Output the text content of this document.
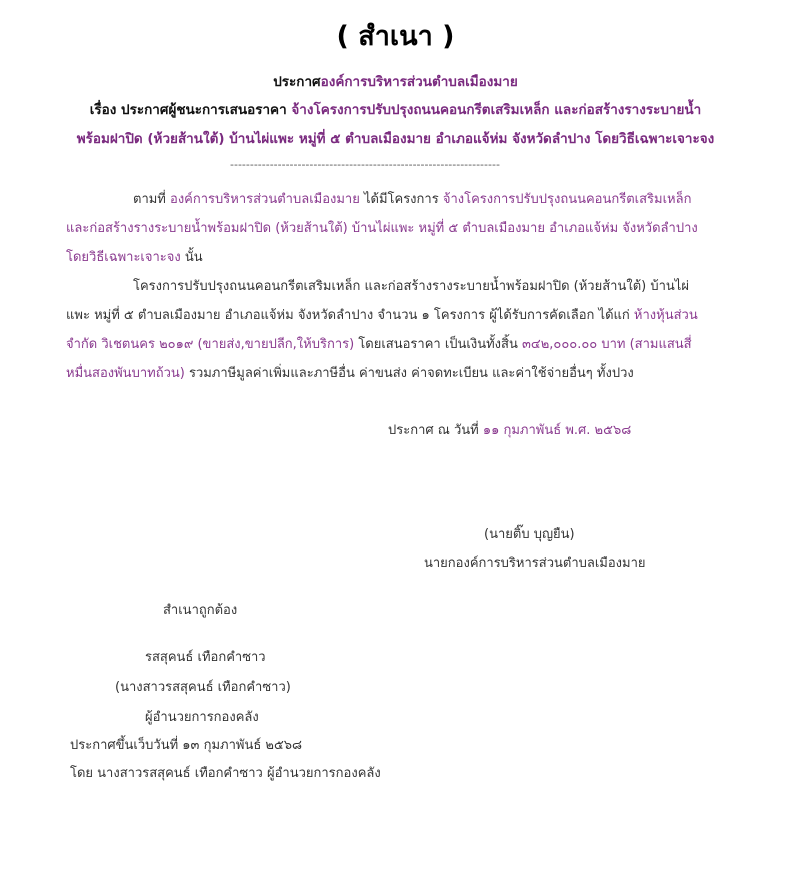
( สำเนา )
ประกาศองค์การบริหารส่วนตำบลเมืองมาย
เรื่อง ประกาศผู้ชนะการเสนอราคา จ้างโครงการปรับปรุงถนนคอนกรีตเสริมเหล็ก และก่อสร้างรางระบายน้ำ
พร้อมฝาปิด (ห้วยส้านใต้) บ้านไผ่แพะ หมู่ที่ ๕ ตำบลเมืองมาย อำเภอแจ้ห่ม จังหวัดลำปาง โดยวิธีเฉพาะเจาะจง
--------------------------------------------------------------------
ตามที่ องค์การบริหารส่วนตำบลเมืองมาย ได้มีโครงการ จ้างโครงการปรับปรุงถนนคอนกรีตเสริมเหล็ก
และก่อสร้างรางระบายน้ำพร้อมฝาปิด (ห้วยส้านใต้) บ้านไผ่แพะ หมู่ที่ ๕ ตำบลเมืองมาย อำเภอแจ้ห่ม จังหวัดลำปาง
โดยวิธีเฉพาะเจาะจง นั้น
โครงการปรับปรุงถนนคอนกรีตเสริมเหล็ก และก่อสร้างรางระบายน้ำพร้อมฝาปิด (ห้วยส้านใต้) บ้านไผ่
แพะ หมู่ที่ ๕ ตำบลเมืองมาย อำเภอแจ้ห่ม จังหวัดลำปาง จำนวน ๑ โครงการ ผู้ได้รับการคัดเลือก ได้แก่ ห้างหุ้นส่วน
จำกัด วิเชตนคร ๒๐๑๙ (ขายส่ง,ขายปลีก,ให้บริการ) โดยเสนอราคา เป็นเงินทั้งสิ้น ๓๔๒,๐๐๐.๐๐ บาท (สามแสนสี่
หมื่นสองพันบาทถ้วน) รวมภาษีมูลค่าเพิ่มและภาษีอื่น ค่าขนส่ง ค่าจดทะเบียน และค่าใช้จ่ายอื่นๆ ทั้งปวง
ประกาศ ณ วันที่ ๑๑ กุมภาพันธ์ พ.ศ. ๒๕๖๘
(นายติ๊บ บุญยืน)
นายกองค์การบริหารส่วนตำบลเมืองมาย
สำเนาถูกต้อง
รสสุคนธ์ เทือกคำซาว
(นางสาวรสสุคนธ์ เทือกคำซาว)
ผู้อำนวยการกองคลัง
ประกาศขึ้นเว็บวันที่ ๑๓ กุมภาพันธ์ ๒๕๖๘
โดย นางสาวรสสุคนธ์ เทือกคำซาว ผู้อำนวยการกองคลัง
